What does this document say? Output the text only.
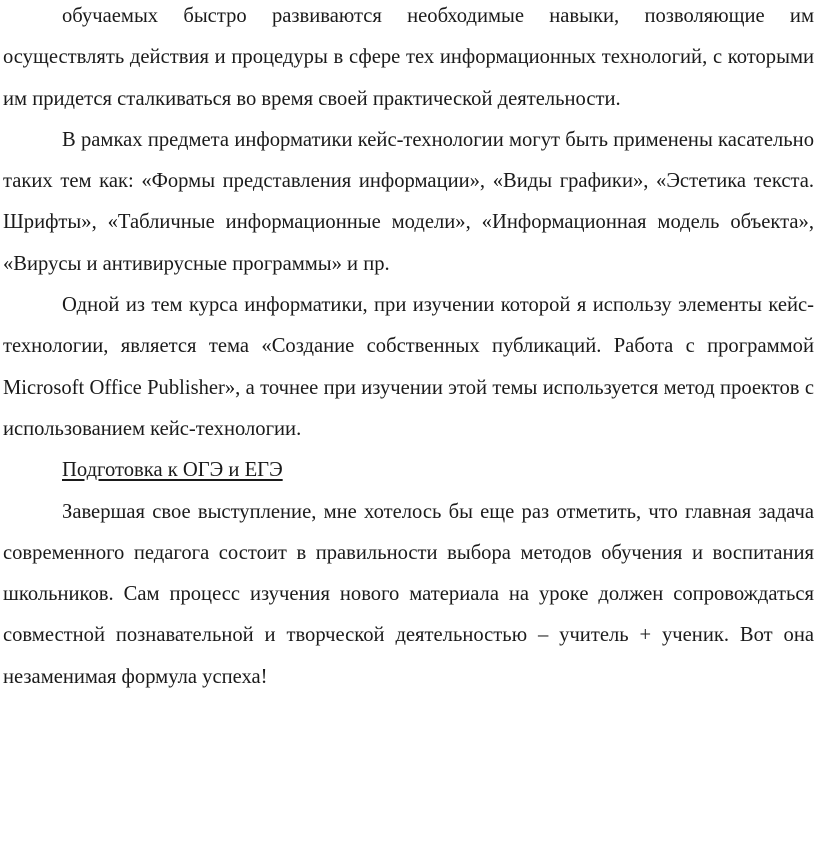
обучаемых быстро развиваются необходимые навыки, позволяющие им осуществлять действия и процедуры в сфере тех информационных технологий, с которыми им придется сталкиваться во время своей практической деятельности.

В рамках предмета информатики кейс-технологии могут быть применены касательно таких тем как: «Формы представления информации», «Виды графики», «Эстетика текста. Шрифты», «Табличные информационные модели», «Информационная модель объекта», «Вирусы и антивирусные программы» и пр.

Одной из тем курса информатики, при изучении которой я использу элементы кейс-технологии, является тема «Создание собственных публикаций. Работа с программой Microsoft Office Publisher», а точнее при изучении этой темы используется метод проектов с использованием кейс-технологии.

Подготовка к ОГЭ и ЕГЭ

Завершая свое выступление, мне хотелось бы еще раз отметить, что главная задача современного педагога состоит в правильности выбора методов обучения и воспитания школьников. Сам процесс изучения нового материала на уроке должен сопровождаться совместной познавательной и творческой деятельностью – учитель + ученик. Вот она незаменимая формула успеха!
